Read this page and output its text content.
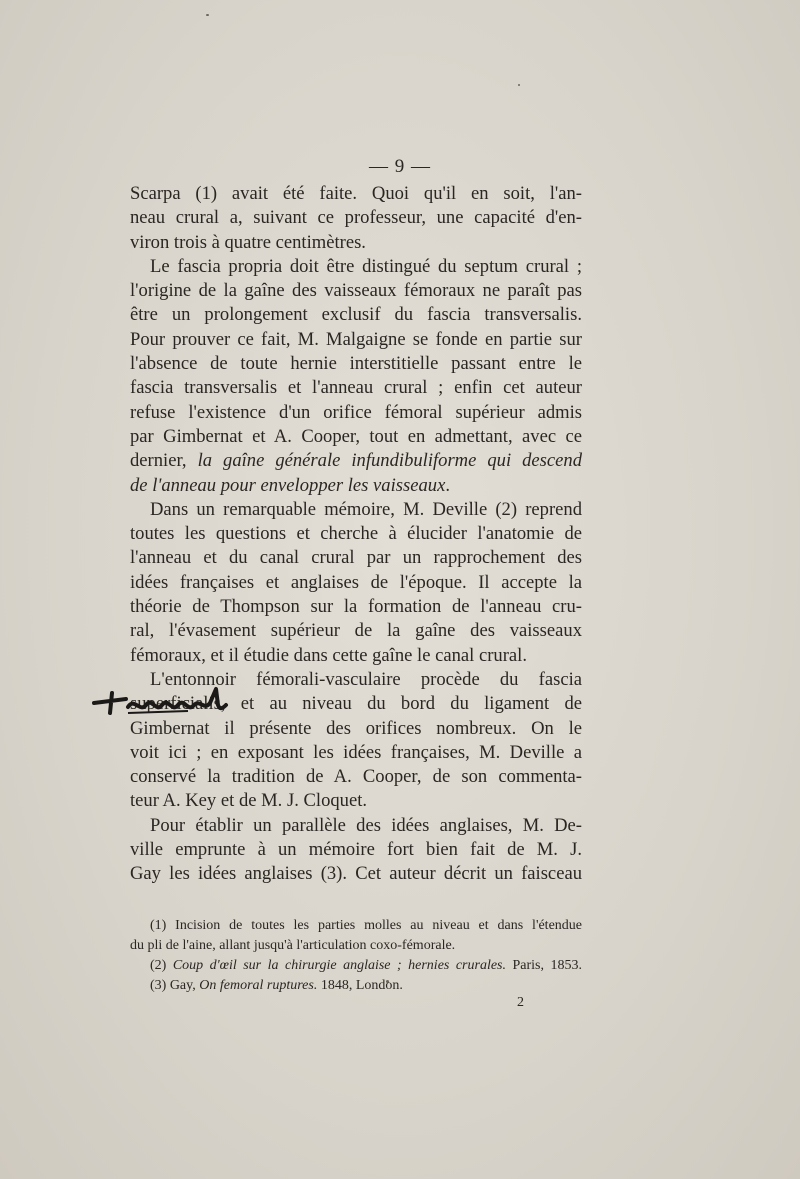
— 9 —
Scarpa (1) avait été faite. Quoi qu'il en soit, l'an-
neau crural a, suivant ce professeur, une capacité d'en-
viron trois à quatre centimètres.
Le fascia propria doit être distingué du septum crural ;
l'origine de la gaîne des vaisseaux fémoraux ne paraît pas
être un prolongement exclusif du fascia transversalis.
Pour prouver ce fait, M. Malgaigne se fonde en partie sur
l'absence de toute hernie interstitielle passant entre le
fascia transversalis et l'anneau crural ; enfin cet auteur
refuse l'existence d'un orifice fémoral supérieur admis
par Gimbernat et A. Cooper, tout en admettant, avec ce
dernier, la gaîne générale infundibuliforme qui descend
de l'anneau pour envelopper les vaisseaux.
Dans un remarquable mémoire, M. Deville (2) reprend
toutes les questions et cherche à élucider l'anatomie de
l'anneau et du canal crural par un rapprochement des
idées françaises et anglaises de l'époque. Il accepte la
théorie de Thompson sur la formation de l'anneau cru-
ral, l'évasement supérieur de la gaîne des vaisseaux
fémoraux, et il étudie dans cette gaîne le canal crural.
L'entonnoir fémorali-vasculaire procède du fascia
superficialis, et au niveau du bord du ligament de
Gimbernat il présente des orifices nombreux. On le
voit ici ; en exposant les idées françaises, M. Deville a
conservé la tradition de A. Cooper, de son commenta-
teur A. Key et de M. J. Cloquet.
Pour établir un parallèle des idées anglaises, M. De-
ville emprunte à un mémoire fort bien fait de M. J.
Gay les idées anglaises (3). Cet auteur décrit un faisceau
(1) Incision de toutes les parties molles au niveau et dans l'étendue
du pli de l'aine, allant jusqu'à l'articulation coxo-fémorale.
(2) Coup d'œil sur la chirurgie anglaise ; hernies crurales. Paris, 1853.
(3) Gay, On femoral ruptures. 1848, London.
2
